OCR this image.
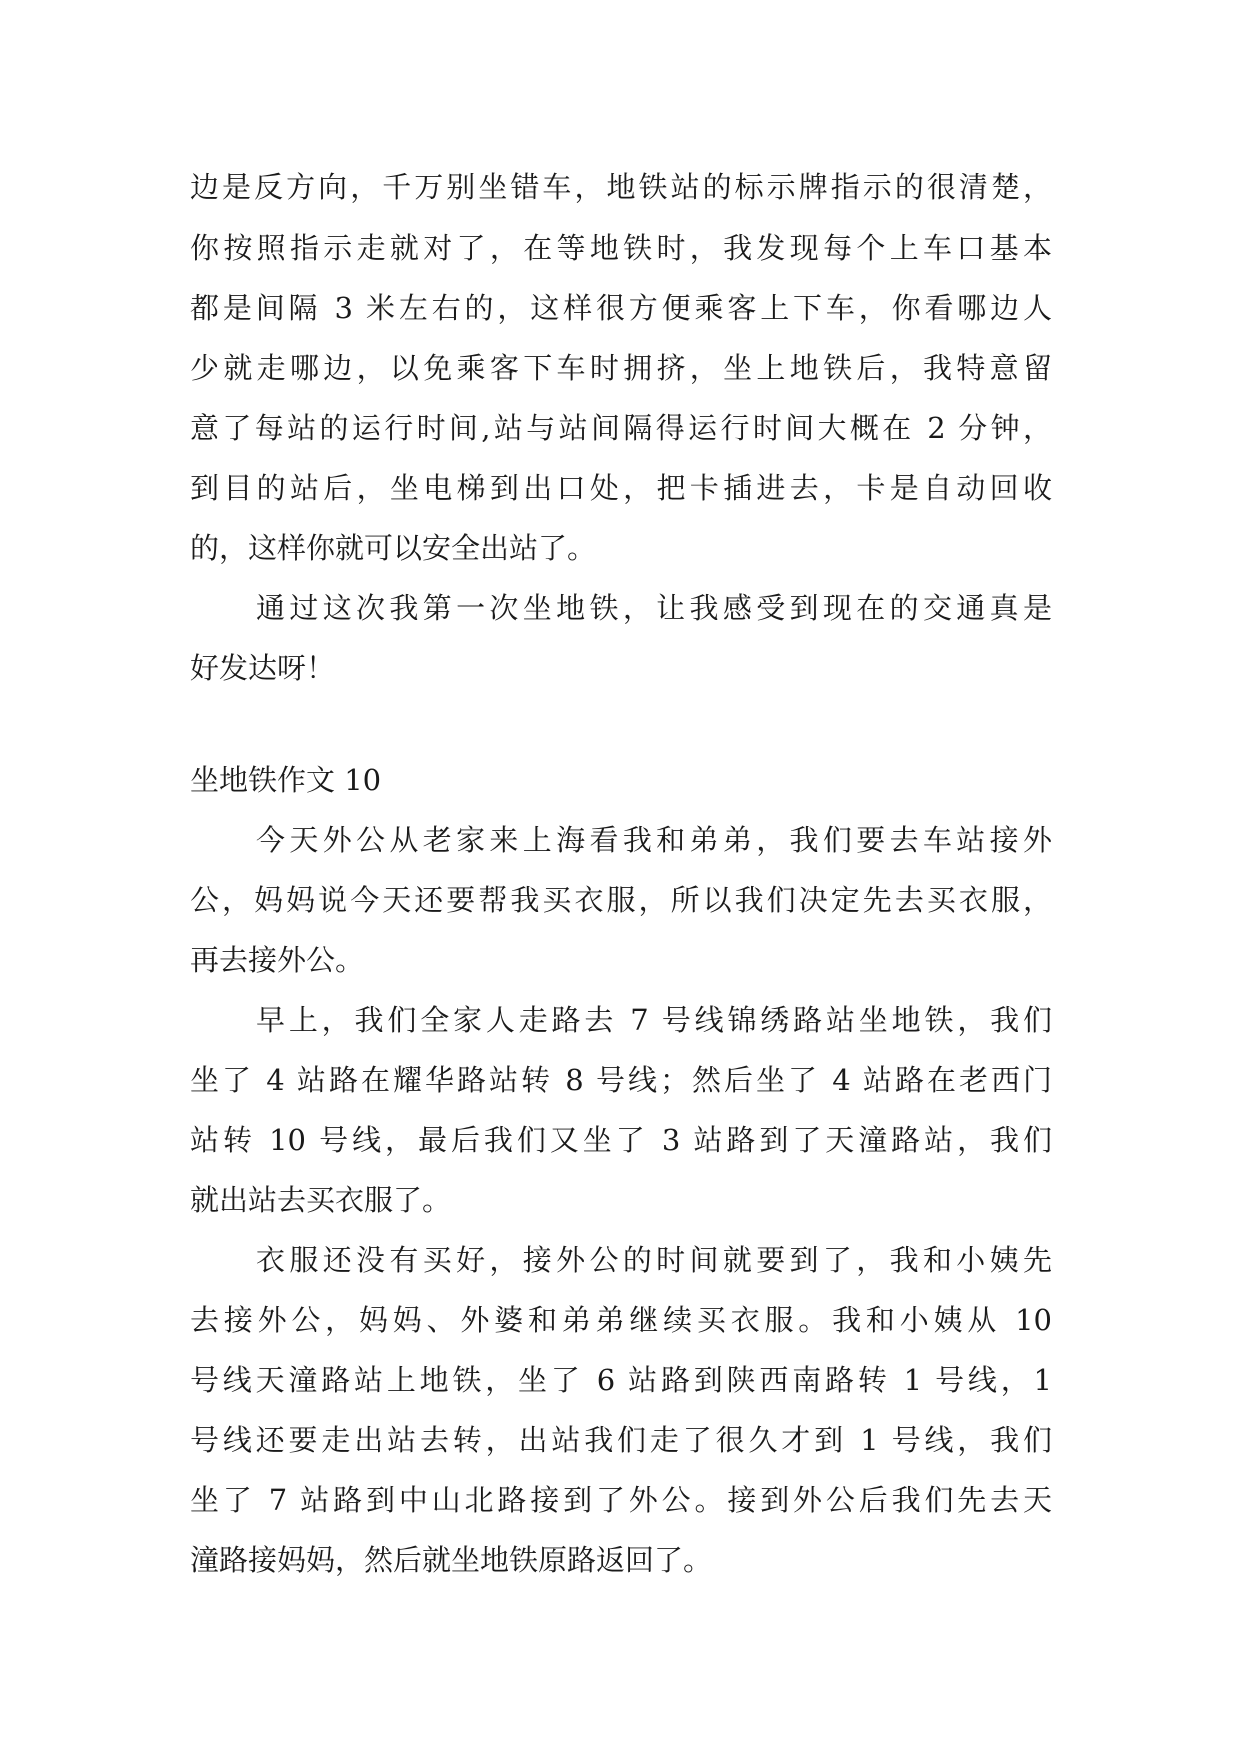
边是反方向，千万别坐错车，地铁站的标示牌指示的很清楚，
你按照指示走就对了，在等地铁时，我发现每个上车口基本
都是间隔 3 米左右的，这样很方便乘客上下车，你看哪边人
少就走哪边，以免乘客下车时拥挤，坐上地铁后，我特意留
意了每站的运行时间,站与站间隔得运行时间大概在 2 分钟，
到目的站后，坐电梯到出口处，把卡插进去，卡是自动回收
的，这样你就可以安全出站了。
通过这次我第一次坐地铁，让我感受到现在的交通真是
好发达呀！
坐地铁作文 10
今天外公从老家来上海看我和弟弟，我们要去车站接外
公，妈妈说今天还要帮我买衣服，所以我们决定先去买衣服，
再去接外公。
早上，我们全家人走路去 7 号线锦绣路站坐地铁，我们
坐了 4 站路在耀华路站转 8 号线；然后坐了 4 站路在老西门
站转 10 号线，最后我们又坐了 3 站路到了天潼路站，我们
就出站去买衣服了。
衣服还没有买好，接外公的时间就要到了，我和小姨先
去接外公，妈妈、外婆和弟弟继续买衣服。我和小姨从 10
号线天潼路站上地铁，坐了 6 站路到陕西南路转 1 号线，1
号线还要走出站去转，出站我们走了很久才到 1 号线，我们
坐了 7 站路到中山北路接到了外公。接到外公后我们先去天
潼路接妈妈，然后就坐地铁原路返回了。
